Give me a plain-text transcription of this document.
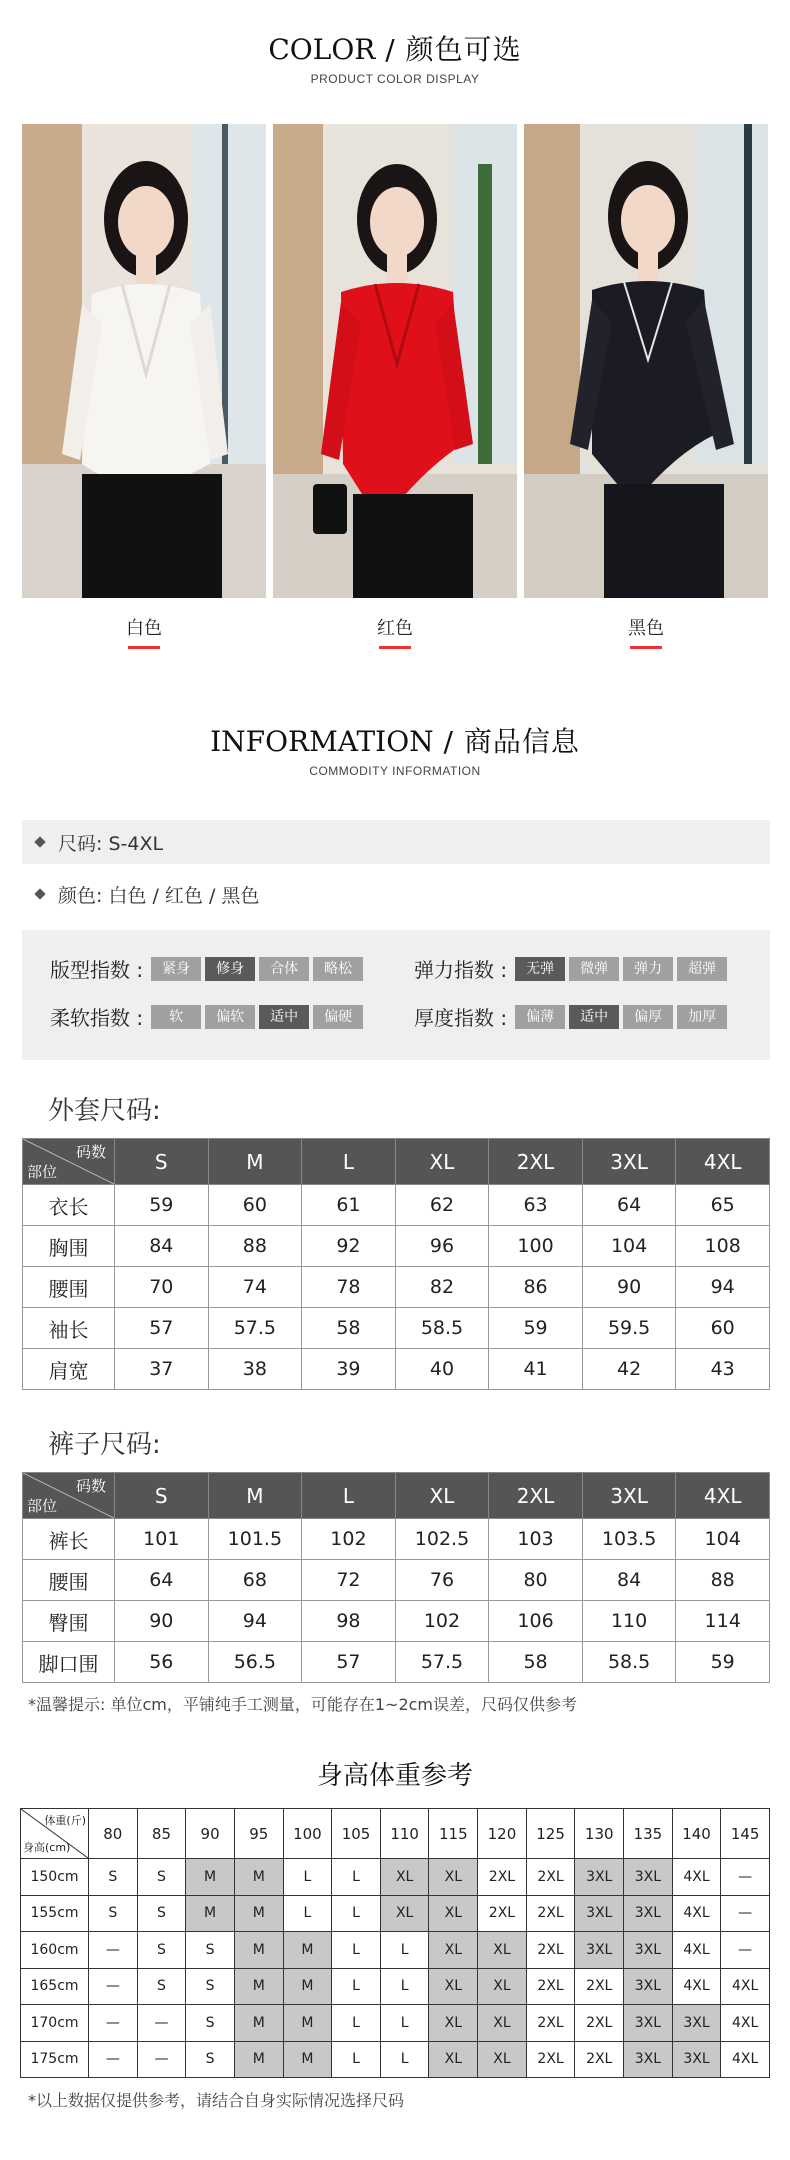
COLOR / 颜色可选
PRODUCT COLOR DISPLAY
白色	红色	黑色
INFORMATION / 商品信息
COMMODITY INFORMATION
尺码: S-4XL
颜色: 白色 / 红色 / 黑色
版型指数 :	紧身	修身	合体	略松	弹力指数 :	无弹	微弹	弹力	超弹
柔软指数 :	软	偏软	适中	偏硬	厚度指数 :	偏薄	适中	偏厚	加厚
外套尺码:
码数
部位	S	M	L	XL	2XL	3XL	4XL
衣长	59	60	61	62	63	64	65
胸围	84	88	92	96	100	104	108
腰围	70	74	78	82	86	90	94
袖长	57	57.5	58	58.5	59	59.5	60
肩宽	37	38	39	40	41	42	43
裤子尺码:
码数
部位	S	M	L	XL	2XL	3XL	4XL
裤长	101	101.5	102	102.5	103	103.5	104
腰围	64	68	72	76	80	84	88
臀围	90	94	98	102	106	110	114
脚口围	56	56.5	57	57.5	58	58.5	59
*温馨提示: 单位cm，平铺纯手工测量，可能存在1~2cm误差，尺码仅供参考
身高体重参考
体重(斤)
身高(cm)	80	85	90	95	100	105	110	115	120	125	130	135	140	145
150cm	S	S	M	M	L	L	XL	XL	2XL	2XL	3XL	3XL	4XL	—
155cm	S	S	M	M	L	L	XL	XL	2XL	2XL	3XL	3XL	4XL	—
160cm	—	S	S	M	M	L	L	XL	XL	2XL	3XL	3XL	4XL	—
165cm	—	S	S	M	M	L	L	XL	XL	2XL	2XL	3XL	4XL	4XL
170cm	—	—	S	M	M	L	L	XL	XL	2XL	2XL	3XL	3XL	4XL
175cm	—	—	S	M	M	L	L	XL	XL	2XL	2XL	3XL	3XL	4XL
*以上数据仅提供参考，请结合自身实际情况选择尺码
